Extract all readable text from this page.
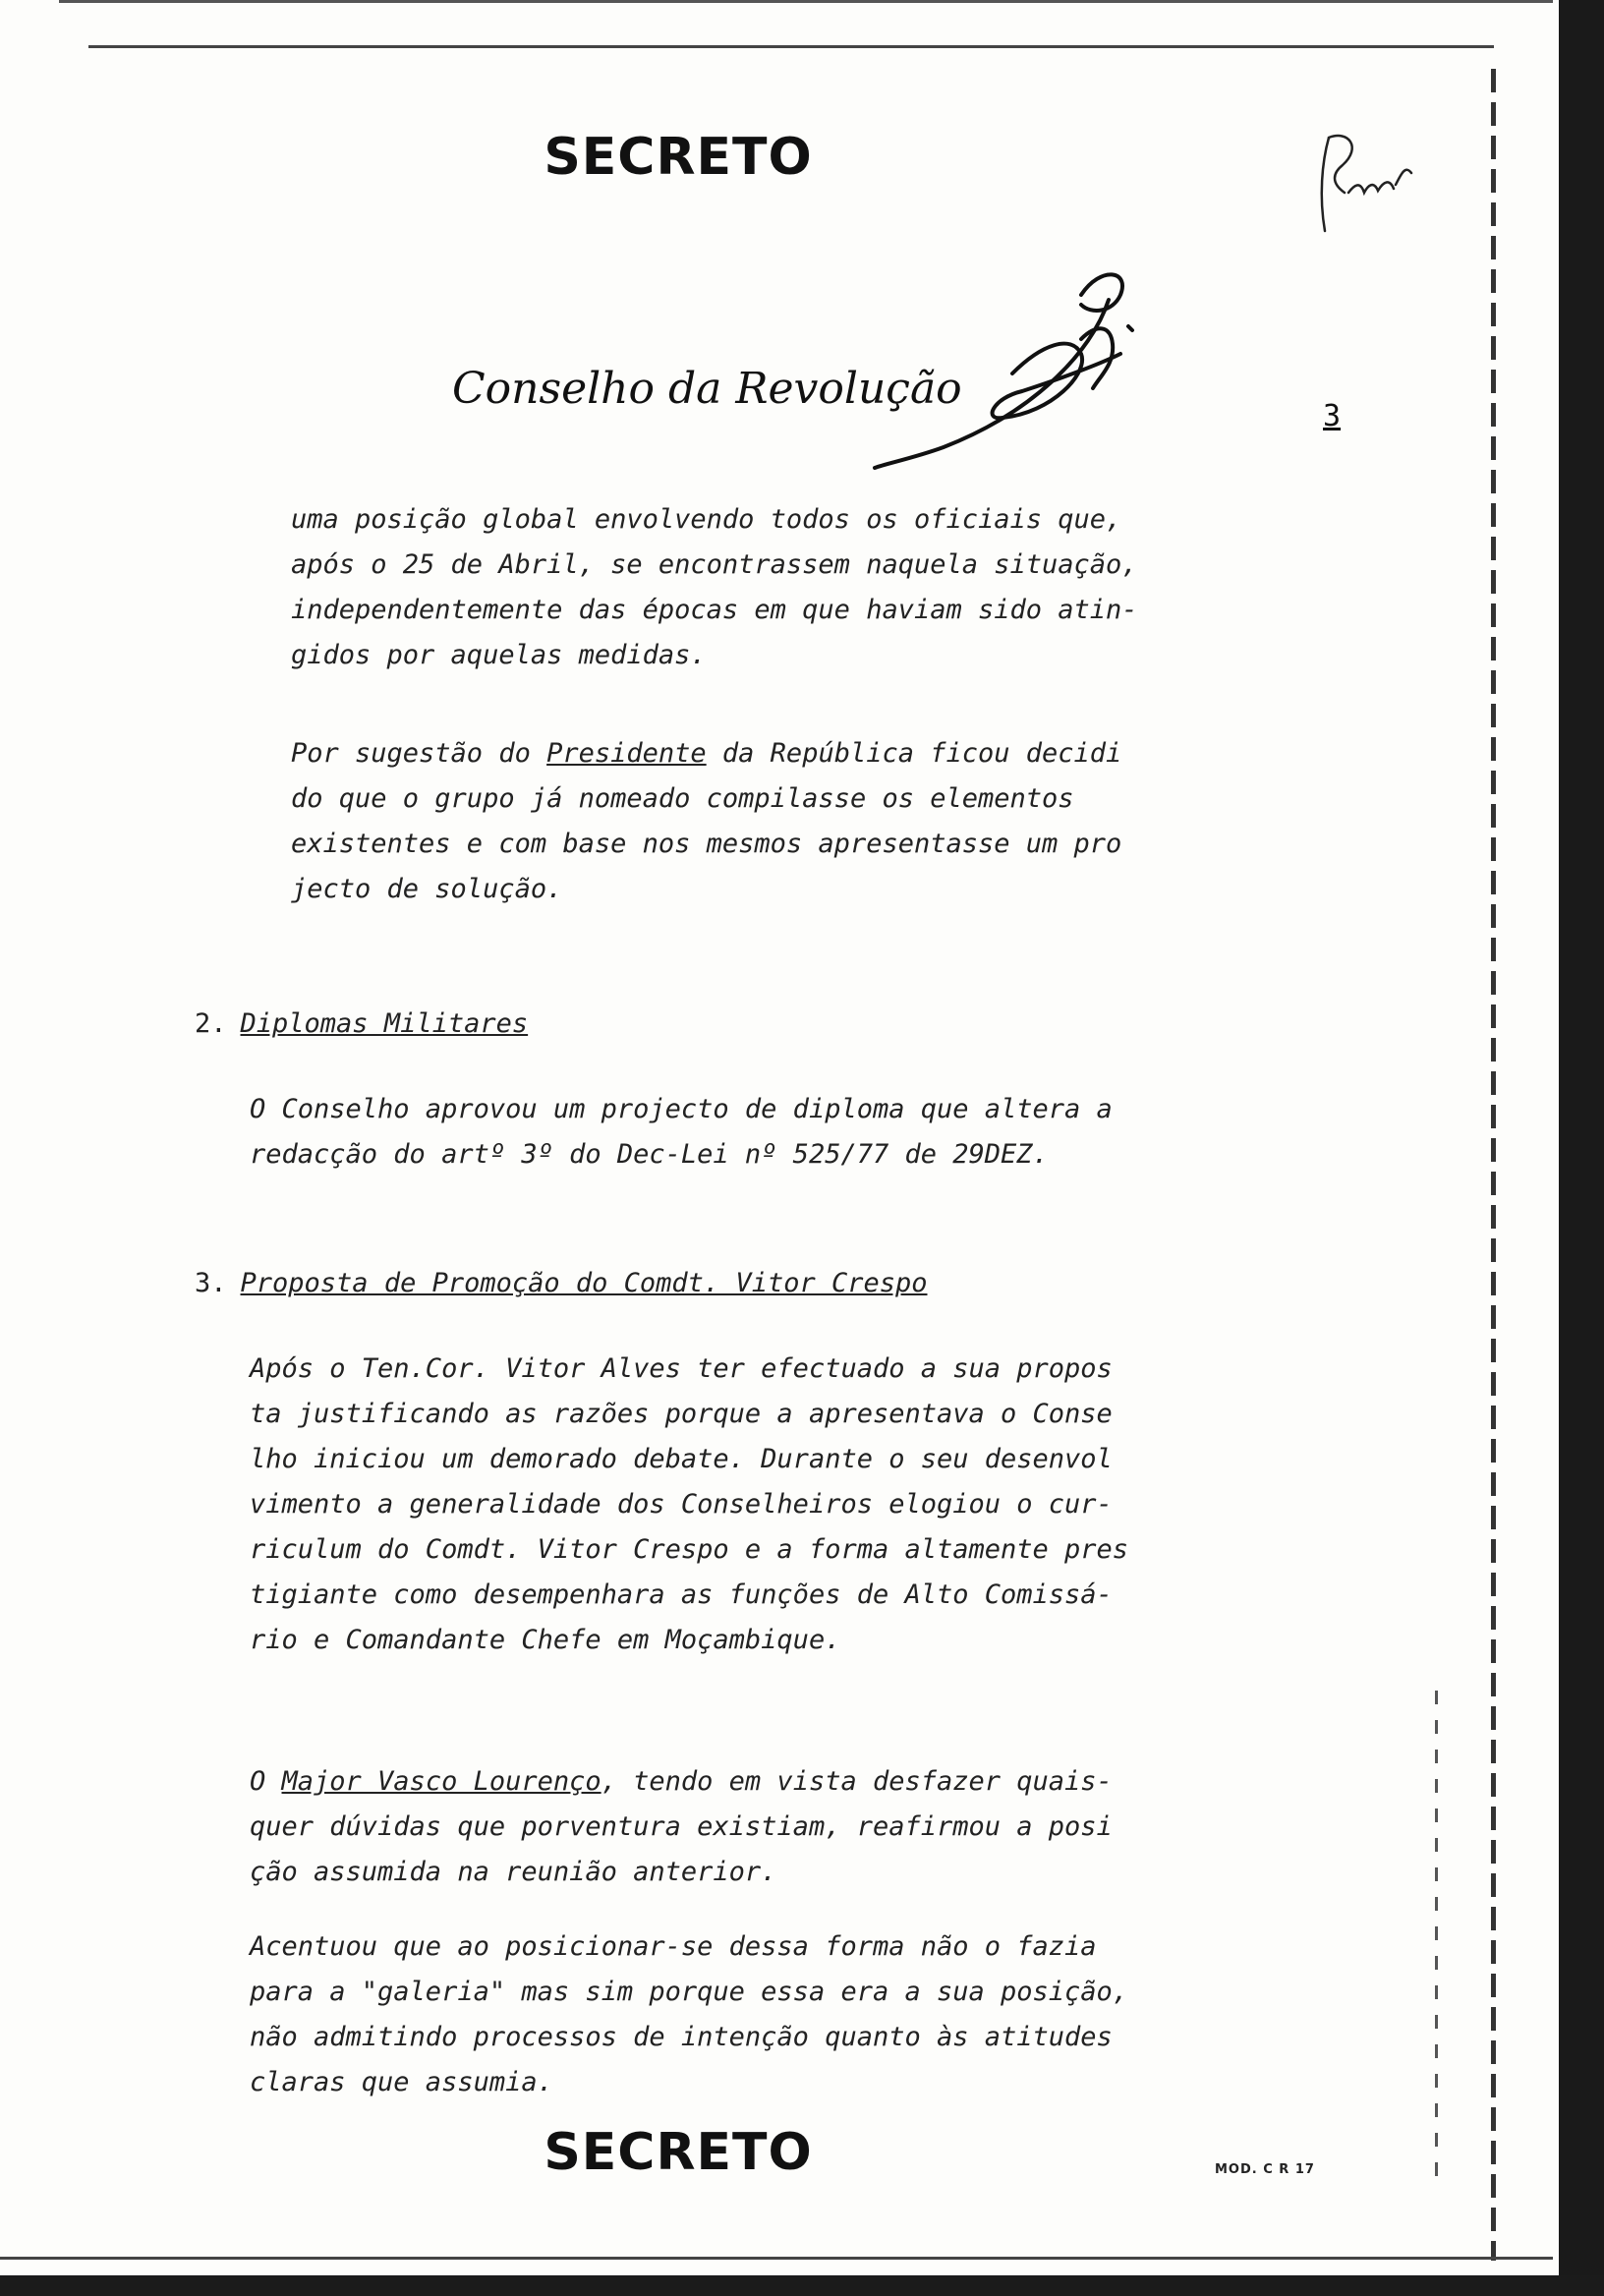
SECRETO
Conselho da Revolução
3

uma posição global envolvendo todos os oficiais que,
após o 25 de Abril, se encontrassem naquela situação,
independentemente das épocas em que haviam sido atin-
gidos por aquelas medidas.

Por sugestão do Presidente da República ficou decidi
do que o grupo já nomeado compilasse os elementos
existentes e com base nos mesmos apresentasse um pro
jecto de solução.

2. Diplomas Militares

O Conselho aprovou um projecto de diploma que altera a
redacção do artº 3º do Dec-Lei nº 525/77 de 29DEZ.

3. Proposta de Promoção do Comdt. Vitor Crespo

Após o Ten.Cor. Vitor Alves ter efectuado a sua propos
ta justificando as razões porque a apresentava o Conse
lho iniciou um demorado debate. Durante o seu desenvol
vimento a generalidade dos Conselheiros elogiou o cur-
riculum do Comdt. Vitor Crespo e a forma altamente pres
tigiante como desempenhara as funções de Alto Comissá-
rio e Comandante Chefe em Moçambique.

O Major Vasco Lourenço, tendo em vista desfazer quais-
quer dúvidas que porventura existiam, reafirmou a posi
ção assumida na reunião anterior.

Acentuou que ao posicionar-se dessa forma não o fazia
para a "galeria" mas sim porque essa era a sua posição,
não admitindo processos de intenção quanto às atitudes
claras que assumia.

SECRETO	MOD. C R 17
